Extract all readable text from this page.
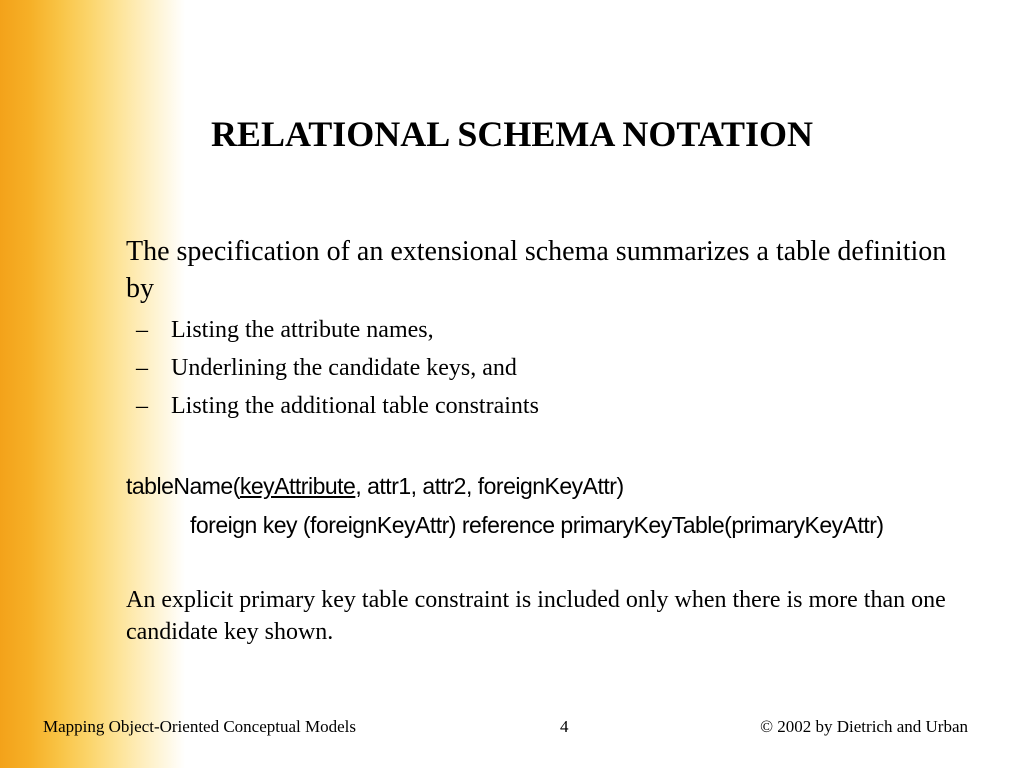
RELATIONAL SCHEMA NOTATION
The specification of an extensional schema summarizes a table definition by
– Listing the attribute names,
– Underlining the candidate keys, and
– Listing the additional table constraints
tableName(keyAttribute, attr1, attr2, foreignKeyAttr)
foreign key (foreignKeyAttr) reference primaryKeyTable(primaryKeyAttr)
An explicit primary key table constraint is included only when there is more than one candidate key shown.
Mapping Object-Oriented Conceptual Models	4	© 2002 by Dietrich and Urban
